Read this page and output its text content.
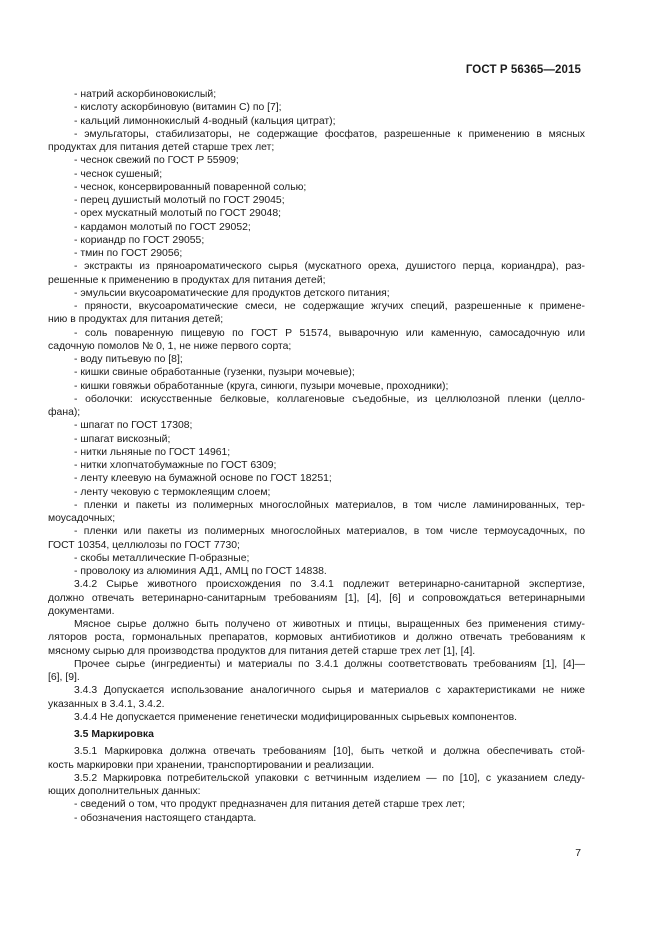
ГОСТ Р 56365—2015
- натрий аскорбиновокислый;
- кислоту аскорбиновую (витамин С) по [7];
- кальций лимоннокислый 4-водный (кальция цитрат);
- эмульгаторы, стабилизаторы, не содержащие фосфатов, разрешенные к применению в мясных
продуктах для питания детей старше трех лет;
- чеснок свежий по ГОСТ Р 55909;
- чеснок сушеный;
- чеснок, консервированный поваренной солью;
- перец душистый молотый по ГОСТ 29045;
- орех мускатный молотый по ГОСТ 29048;
- кардамон молотый по ГОСТ 29052;
- кориандр по ГОСТ 29055;
- тмин по ГОСТ 29056;
- экстракты из пряноароматического сырья (мускатного ореха, душистого перца, кориандра), раз-
решенные к применению в продуктах для питания детей;
- эмульсии вкусоароматические для продуктов детского питания;
- пряности, вкусоароматические смеси, не содержащие жгучих специй, разрешенные к примене-
нию в продуктах для питания детей;
- соль поваренную пищевую по ГОСТ Р 51574, выварочную или каменную, самосадочную или
садочную помолов № 0, 1, не ниже первого сорта;
- воду питьевую по [8];
- кишки свиные обработанные (гузенки, пузыри мочевые);
- кишки говяжьи обработанные (круга, синюги, пузыри мочевые, проходники);
- оболочки: искусственные белковые, коллагеновые съедобные, из целлюлозной пленки (целло-
фана);
- шпагат по ГОСТ 17308;
- шпагат вискозный;
- нитки льняные по ГОСТ 14961;
- нитки хлопчатобумажные по ГОСТ 6309;
- ленту клеевую на бумажной основе по ГОСТ 18251;
- ленту чековую с термоклеящим слоем;
- пленки и пакеты из полимерных многослойных материалов, в том числе ламинированных, тер-
моусадочных;
- пленки или пакеты из полимерных многослойных материалов, в том числе термоусадочных, по
ГОСТ 10354, целлюлозы по ГОСТ 7730;
- скобы металлические П-образные;
- проволоку из алюминия АД1, АМЦ по ГОСТ 14838.
3.4.2 Сырье животного происхождения по 3.4.1 подлежит ветеринарно-санитарной экспертизе,
должно отвечать ветеринарно-санитарным требованиям [1], [4], [6] и сопровождаться ветеринарными
документами.
Мясное сырье должно быть получено от животных и птицы, выращенных без применения стиму-
ляторов роста, гормональных препаратов, кормовых антибиотиков и должно отвечать требованиям к
мясному сырью для производства продуктов для питания детей старше трех лет [1], [4].
Прочее сырье (ингредиенты) и материалы по 3.4.1 должны соответствовать требованиям [1], [4]—
[6], [9].
3.4.3 Допускается использование аналогичного сырья и материалов с характеристиками не ниже
указанных в 3.4.1, 3.4.2.
3.4.4 Не допускается применение генетически модифицированных сырьевых компонентов.
3.5 Маркировка
3.5.1 Маркировка должна отвечать требованиям [10], быть четкой и должна обеспечивать стой-
кость маркировки при хранении, транспортировании и реализации.
3.5.2 Маркировка потребительской упаковки с ветчинным изделием — по [10], с указанием следу-
ющих дополнительных данных:
- сведений о том, что продукт предназначен для питания детей старше трех лет;
- обозначения настоящего стандарта.
7
